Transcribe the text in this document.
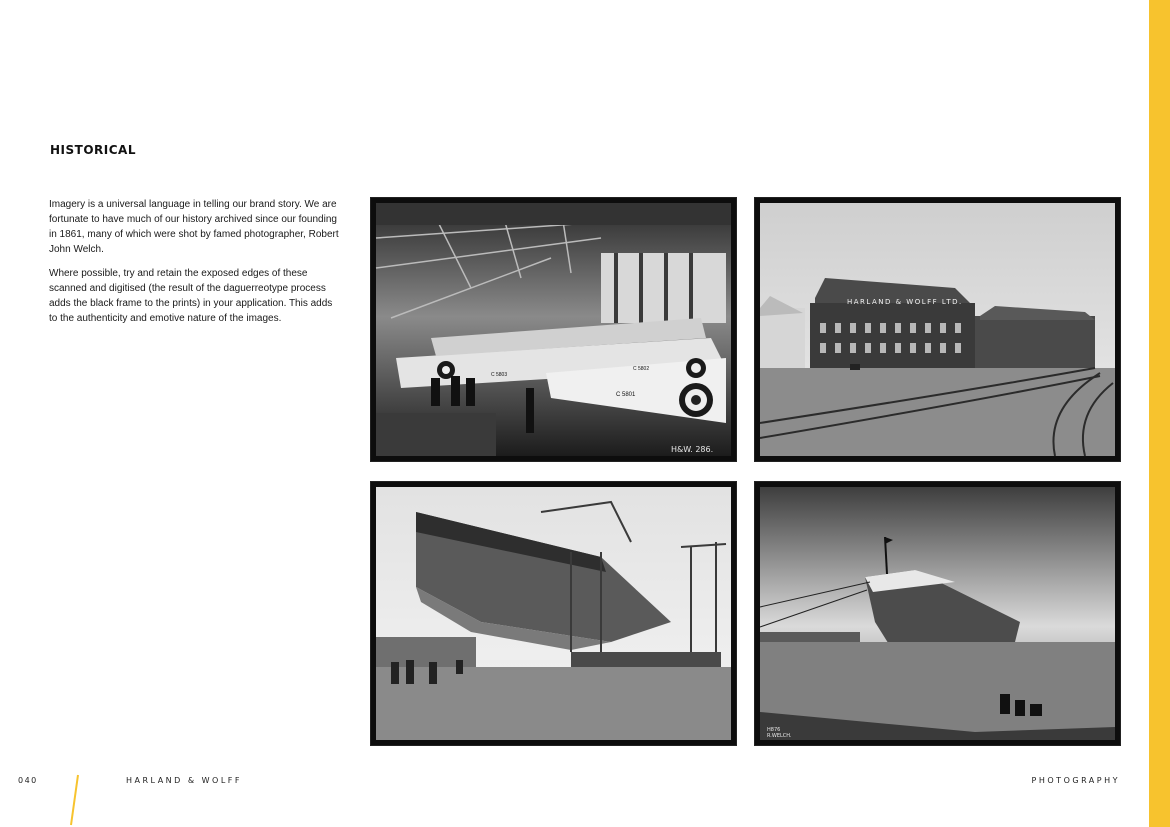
HISTORICAL

Imagery is a universal language in telling our brand story. We are fortunate to have much of our history archived since our founding in 1861, many of which were shot by famed photographer, Robert John Welch.

Where possible, try and retain the exposed edges of these scanned and digitised (the result of the daguerreotype process adds the black frame to the prints) in your application. This adds to the authenticity and emotive nature of the images.

C 5801
C 5802
C 5803
H&W. 286.
HARLAND & WOLFF LTD.
H876 R.WELCH.
040	HARLAND & WOLFF	PHOTOGRAPHY
